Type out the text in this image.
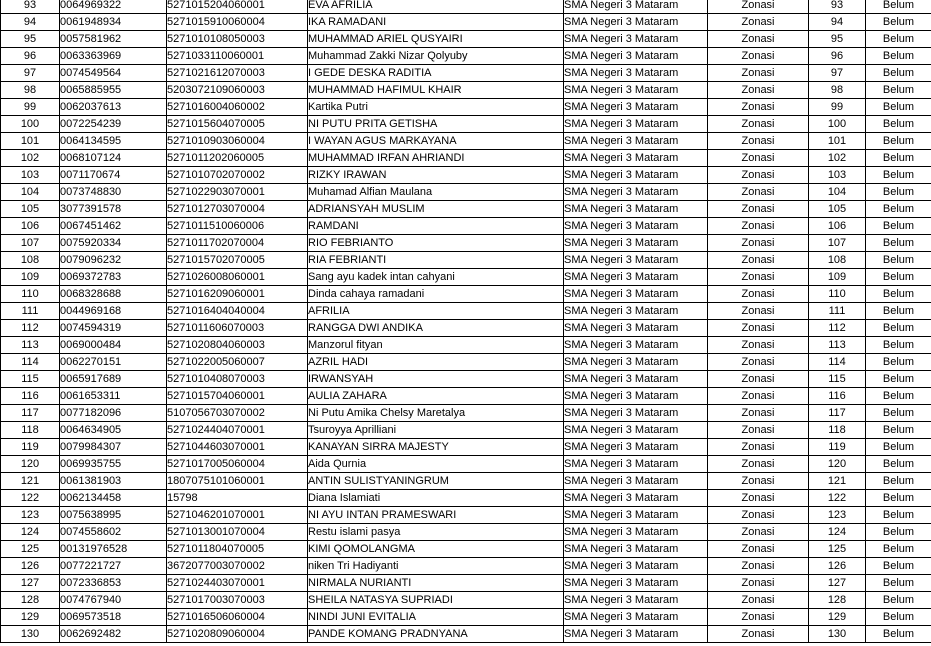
93	0064969322	5271015204060001	EVA AFRILIA	SMA Negeri 3 Mataram	Zonasi	93	Belum
94	0061948934	5271015910060004	IKA RAMADANI	SMA Negeri 3 Mataram	Zonasi	94	Belum
95	0057581962	5271010108050003	MUHAMMAD ARIEL QUSYAIRI	SMA Negeri 3 Mataram	Zonasi	95	Belum
96	0063363969	5271033110060001	Muhammad Zakki Nizar Qolyuby	SMA Negeri 3 Mataram	Zonasi	96	Belum
97	0074549564	5271021612070003	I GEDE DESKA RADITIA	SMA Negeri 3 Mataram	Zonasi	97	Belum
98	0065885955	5203072109060003	MUHAMMAD HAFIMUL KHAIR	SMA Negeri 3 Mataram	Zonasi	98	Belum
99	0062037613	5271016004060002	Kartika Putri	SMA Negeri 3 Mataram	Zonasi	99	Belum
100	0072254239	5271015604070005	NI PUTU PRITA GETISHA	SMA Negeri 3 Mataram	Zonasi	100	Belum
101	0064134595	5271010903060004	I WAYAN AGUS MARKAYANA	SMA Negeri 3 Mataram	Zonasi	101	Belum
102	0068107124	5271011202060005	MUHAMMAD IRFAN AHRIANDI	SMA Negeri 3 Mataram	Zonasi	102	Belum
103	0071170674	5271010702070002	RIZKY IRAWAN	SMA Negeri 3 Mataram	Zonasi	103	Belum
104	0073748830	5271022903070001	Muhamad Alfian Maulana	SMA Negeri 3 Mataram	Zonasi	104	Belum
105	3077391578	5271012703070004	ADRIANSYAH MUSLIM	SMA Negeri 3 Mataram	Zonasi	105	Belum
106	0067451462	5271011510060006	RAMDANI	SMA Negeri 3 Mataram	Zonasi	106	Belum
107	0075920334	5271011702070004	RIO FEBRIANTO	SMA Negeri 3 Mataram	Zonasi	107	Belum
108	0079096232	5271015702070005	RIA FEBRIANTI	SMA Negeri 3 Mataram	Zonasi	108	Belum
109	0069372783	5271026008060001	Sang ayu kadek intan cahyani	SMA Negeri 3 Mataram	Zonasi	109	Belum
110	0068328688	5271016209060001	Dinda cahaya ramadani	SMA Negeri 3 Mataram	Zonasi	110	Belum
111	0044969168	5271016404040004	AFRILIA	SMA Negeri 3 Mataram	Zonasi	111	Belum
112	0074594319	5271011606070003	RANGGA DWI ANDIKA	SMA Negeri 3 Mataram	Zonasi	112	Belum
113	0069000484	5271020804060003	Manzorul fityan	SMA Negeri 3 Mataram	Zonasi	113	Belum
114	0062270151	5271022005060007	AZRIL HADI	SMA Negeri 3 Mataram	Zonasi	114	Belum
115	0065917689	5271010408070003	IRWANSYAH	SMA Negeri 3 Mataram	Zonasi	115	Belum
116	0061653311	5271015704060001	AULIA ZAHARA	SMA Negeri 3 Mataram	Zonasi	116	Belum
117	0077182096	5107056703070002	Ni Putu Amika Chelsy Maretalya	SMA Negeri 3 Mataram	Zonasi	117	Belum
118	0064634905	5271024404070001	Tsuroyya Aprilliani	SMA Negeri 3 Mataram	Zonasi	118	Belum
119	0079984307	5271044603070001	KANAYAN SIRRA MAJESTY	SMA Negeri 3 Mataram	Zonasi	119	Belum
120	0069935755	5271017005060004	Aida Qurnia	SMA Negeri 3 Mataram	Zonasi	120	Belum
121	0061381903	1807075101060001	ANTIN SULISTYANINGRUM	SMA Negeri 3 Mataram	Zonasi	121	Belum
122	0062134458	15798	Diana Islamiati	SMA Negeri 3 Mataram	Zonasi	122	Belum
123	0075638995	5271046201070001	NI AYU INTAN PRAMESWARI	SMA Negeri 3 Mataram	Zonasi	123	Belum
124	0074558602	5271013001070004	Restu islami pasya	SMA Negeri 3 Mataram	Zonasi	124	Belum
125	00131976528	5271011804070005	KIMI QOMOLANGMA	SMA Negeri 3 Mataram	Zonasi	125	Belum
126	0077221727	3672077003070002	niken Tri Hadiyanti	SMA Negeri 3 Mataram	Zonasi	126	Belum
127	0072336853	5271024403070001	NIRMALA NURIANTI	SMA Negeri 3 Mataram	Zonasi	127	Belum
128	0074767940	5271017003070003	SHEILA NATASYA SUPRIADI	SMA Negeri 3 Mataram	Zonasi	128	Belum
129	0069573518	5271016506060004	NINDI JUNI EVITALIA	SMA Negeri 3 Mataram	Zonasi	129	Belum
130	0062692482	5271020809060004	PANDE KOMANG PRADNYANA	SMA Negeri 3 Mataram	Zonasi	130	Belum
